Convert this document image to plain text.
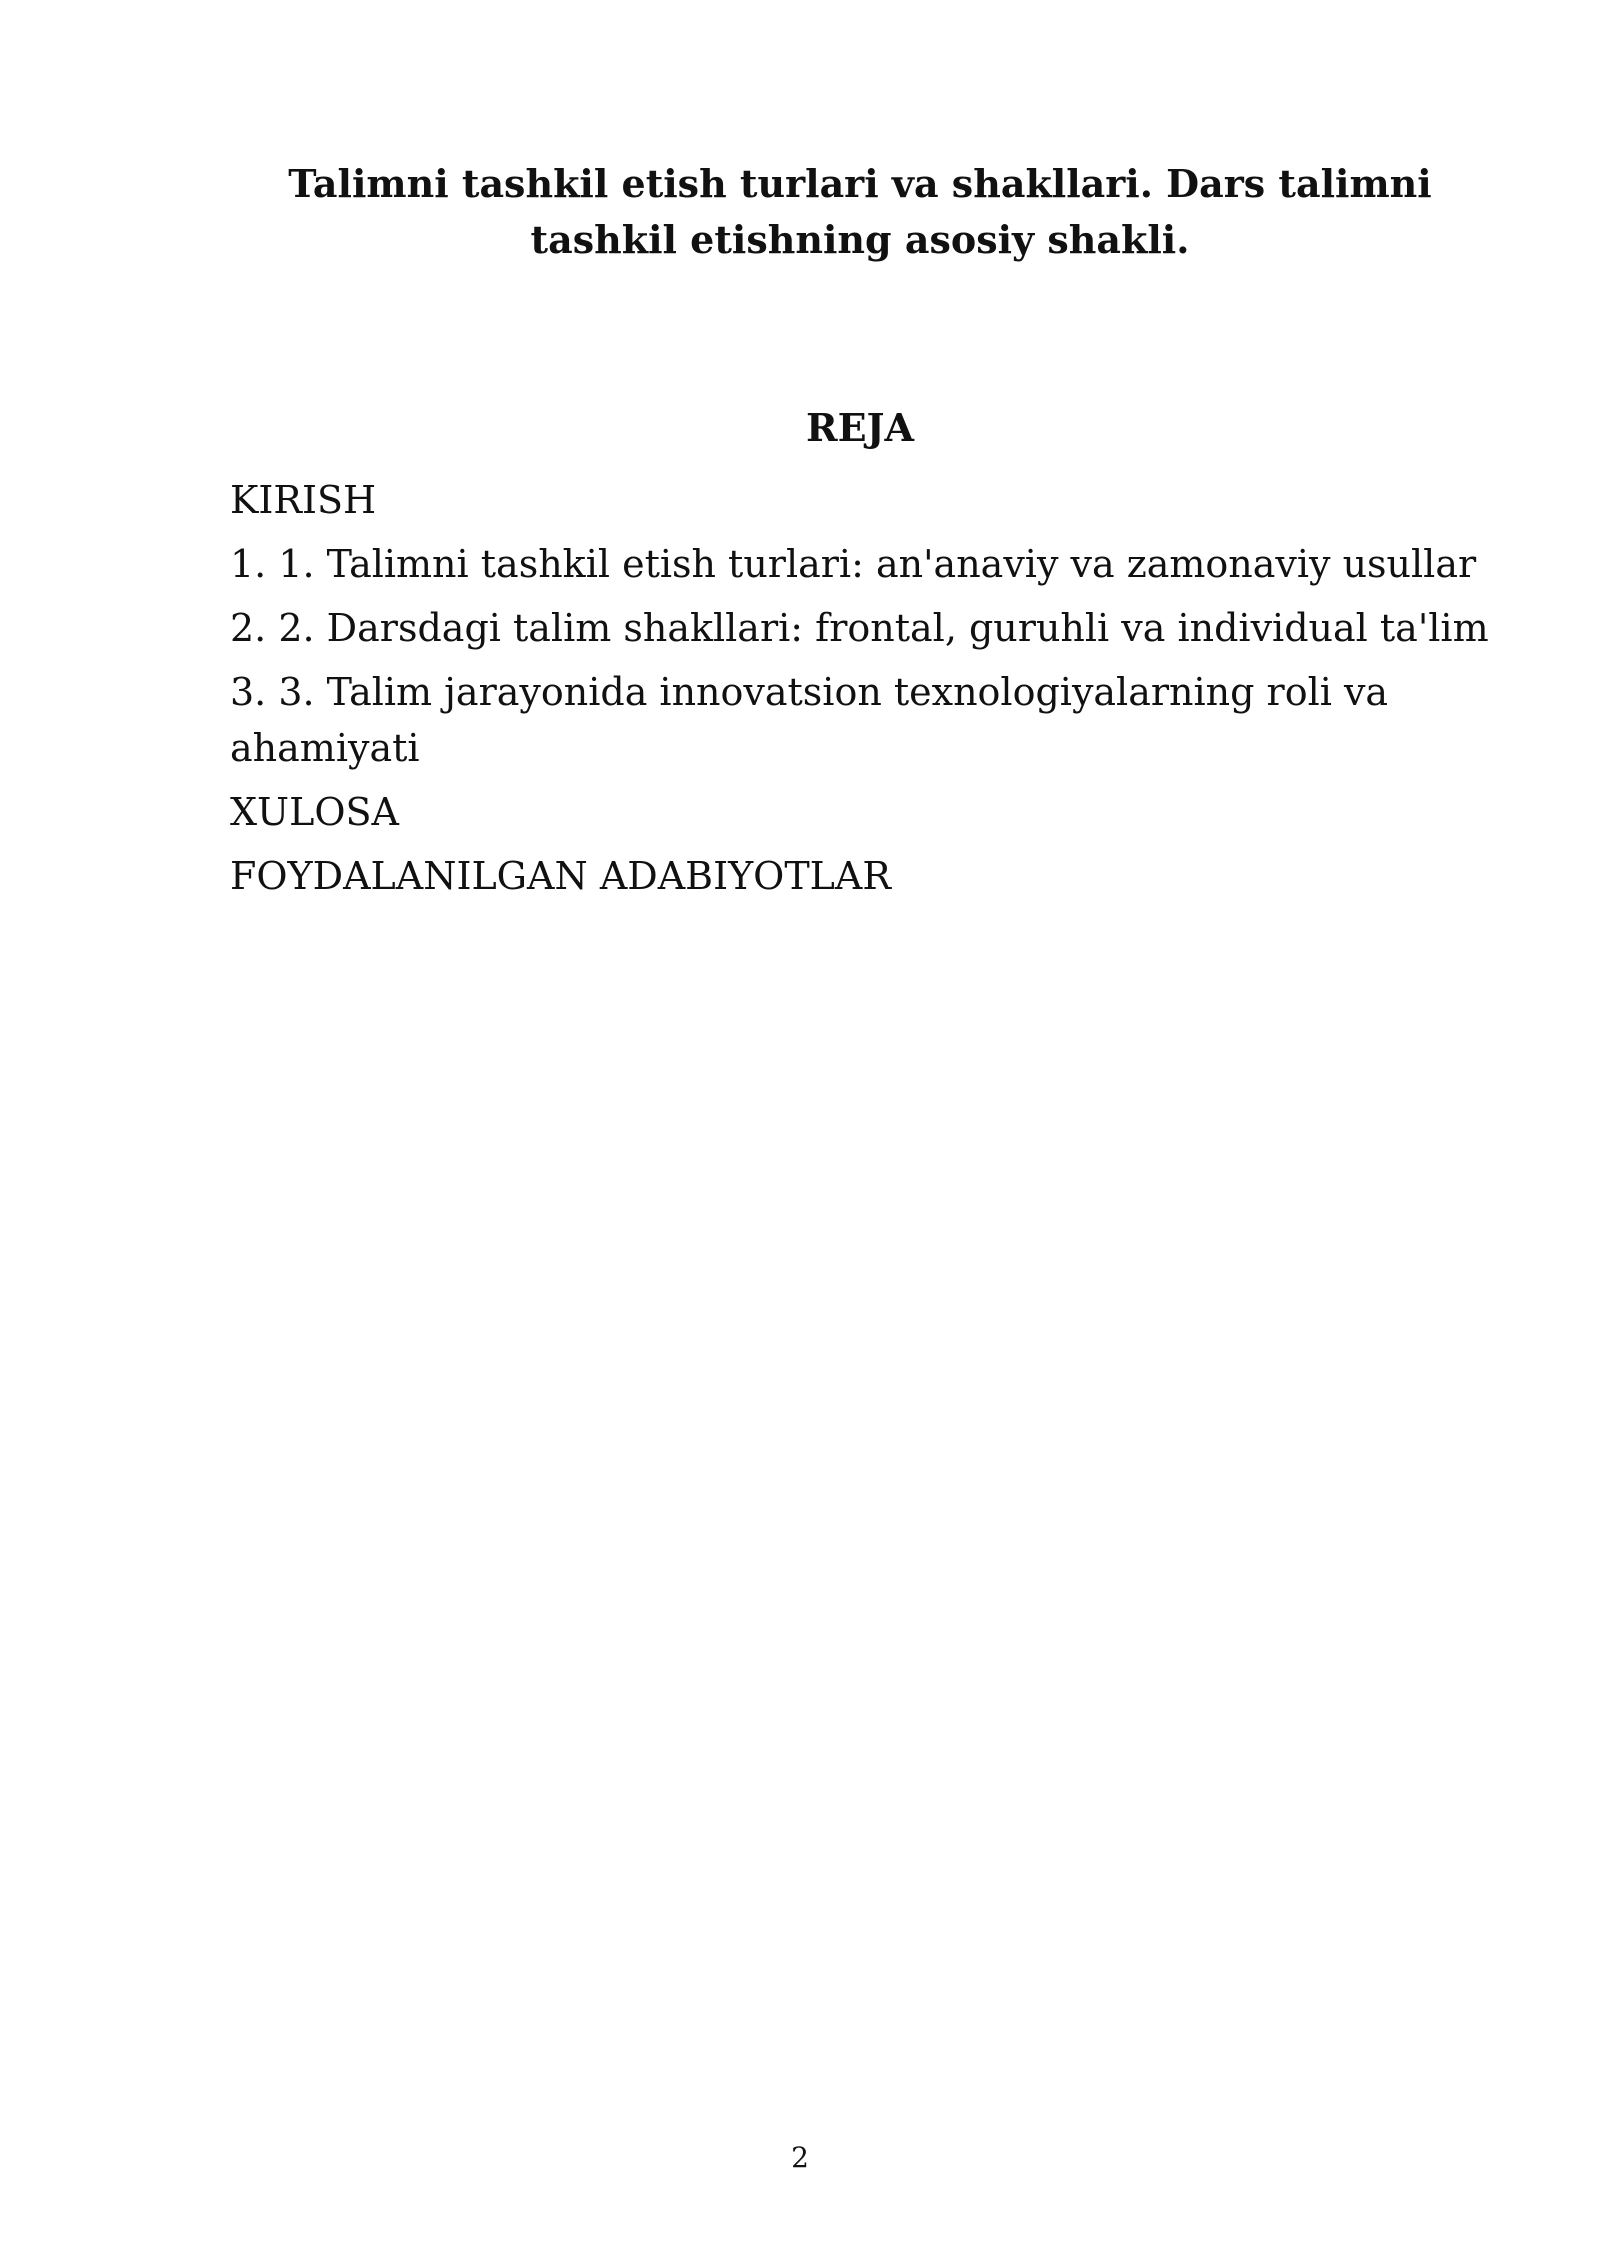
Talimni tashkil etish turlari va shakllari. Dars talimni tashkil etishning asosiy shakli.
REJA
KIRISH
1. 1. Talimni tashkil etish turlari: an'anaviy va zamonaviy usullar
2. 2. Darsdagi talim shakllari: frontal, guruhli va individual ta'lim
3. 3. Talim jarayonida innovatsion texnologiyalarning roli va ahamiyati
XULOSA
FOYDALANILGAN ADABIYOTLAR
2
